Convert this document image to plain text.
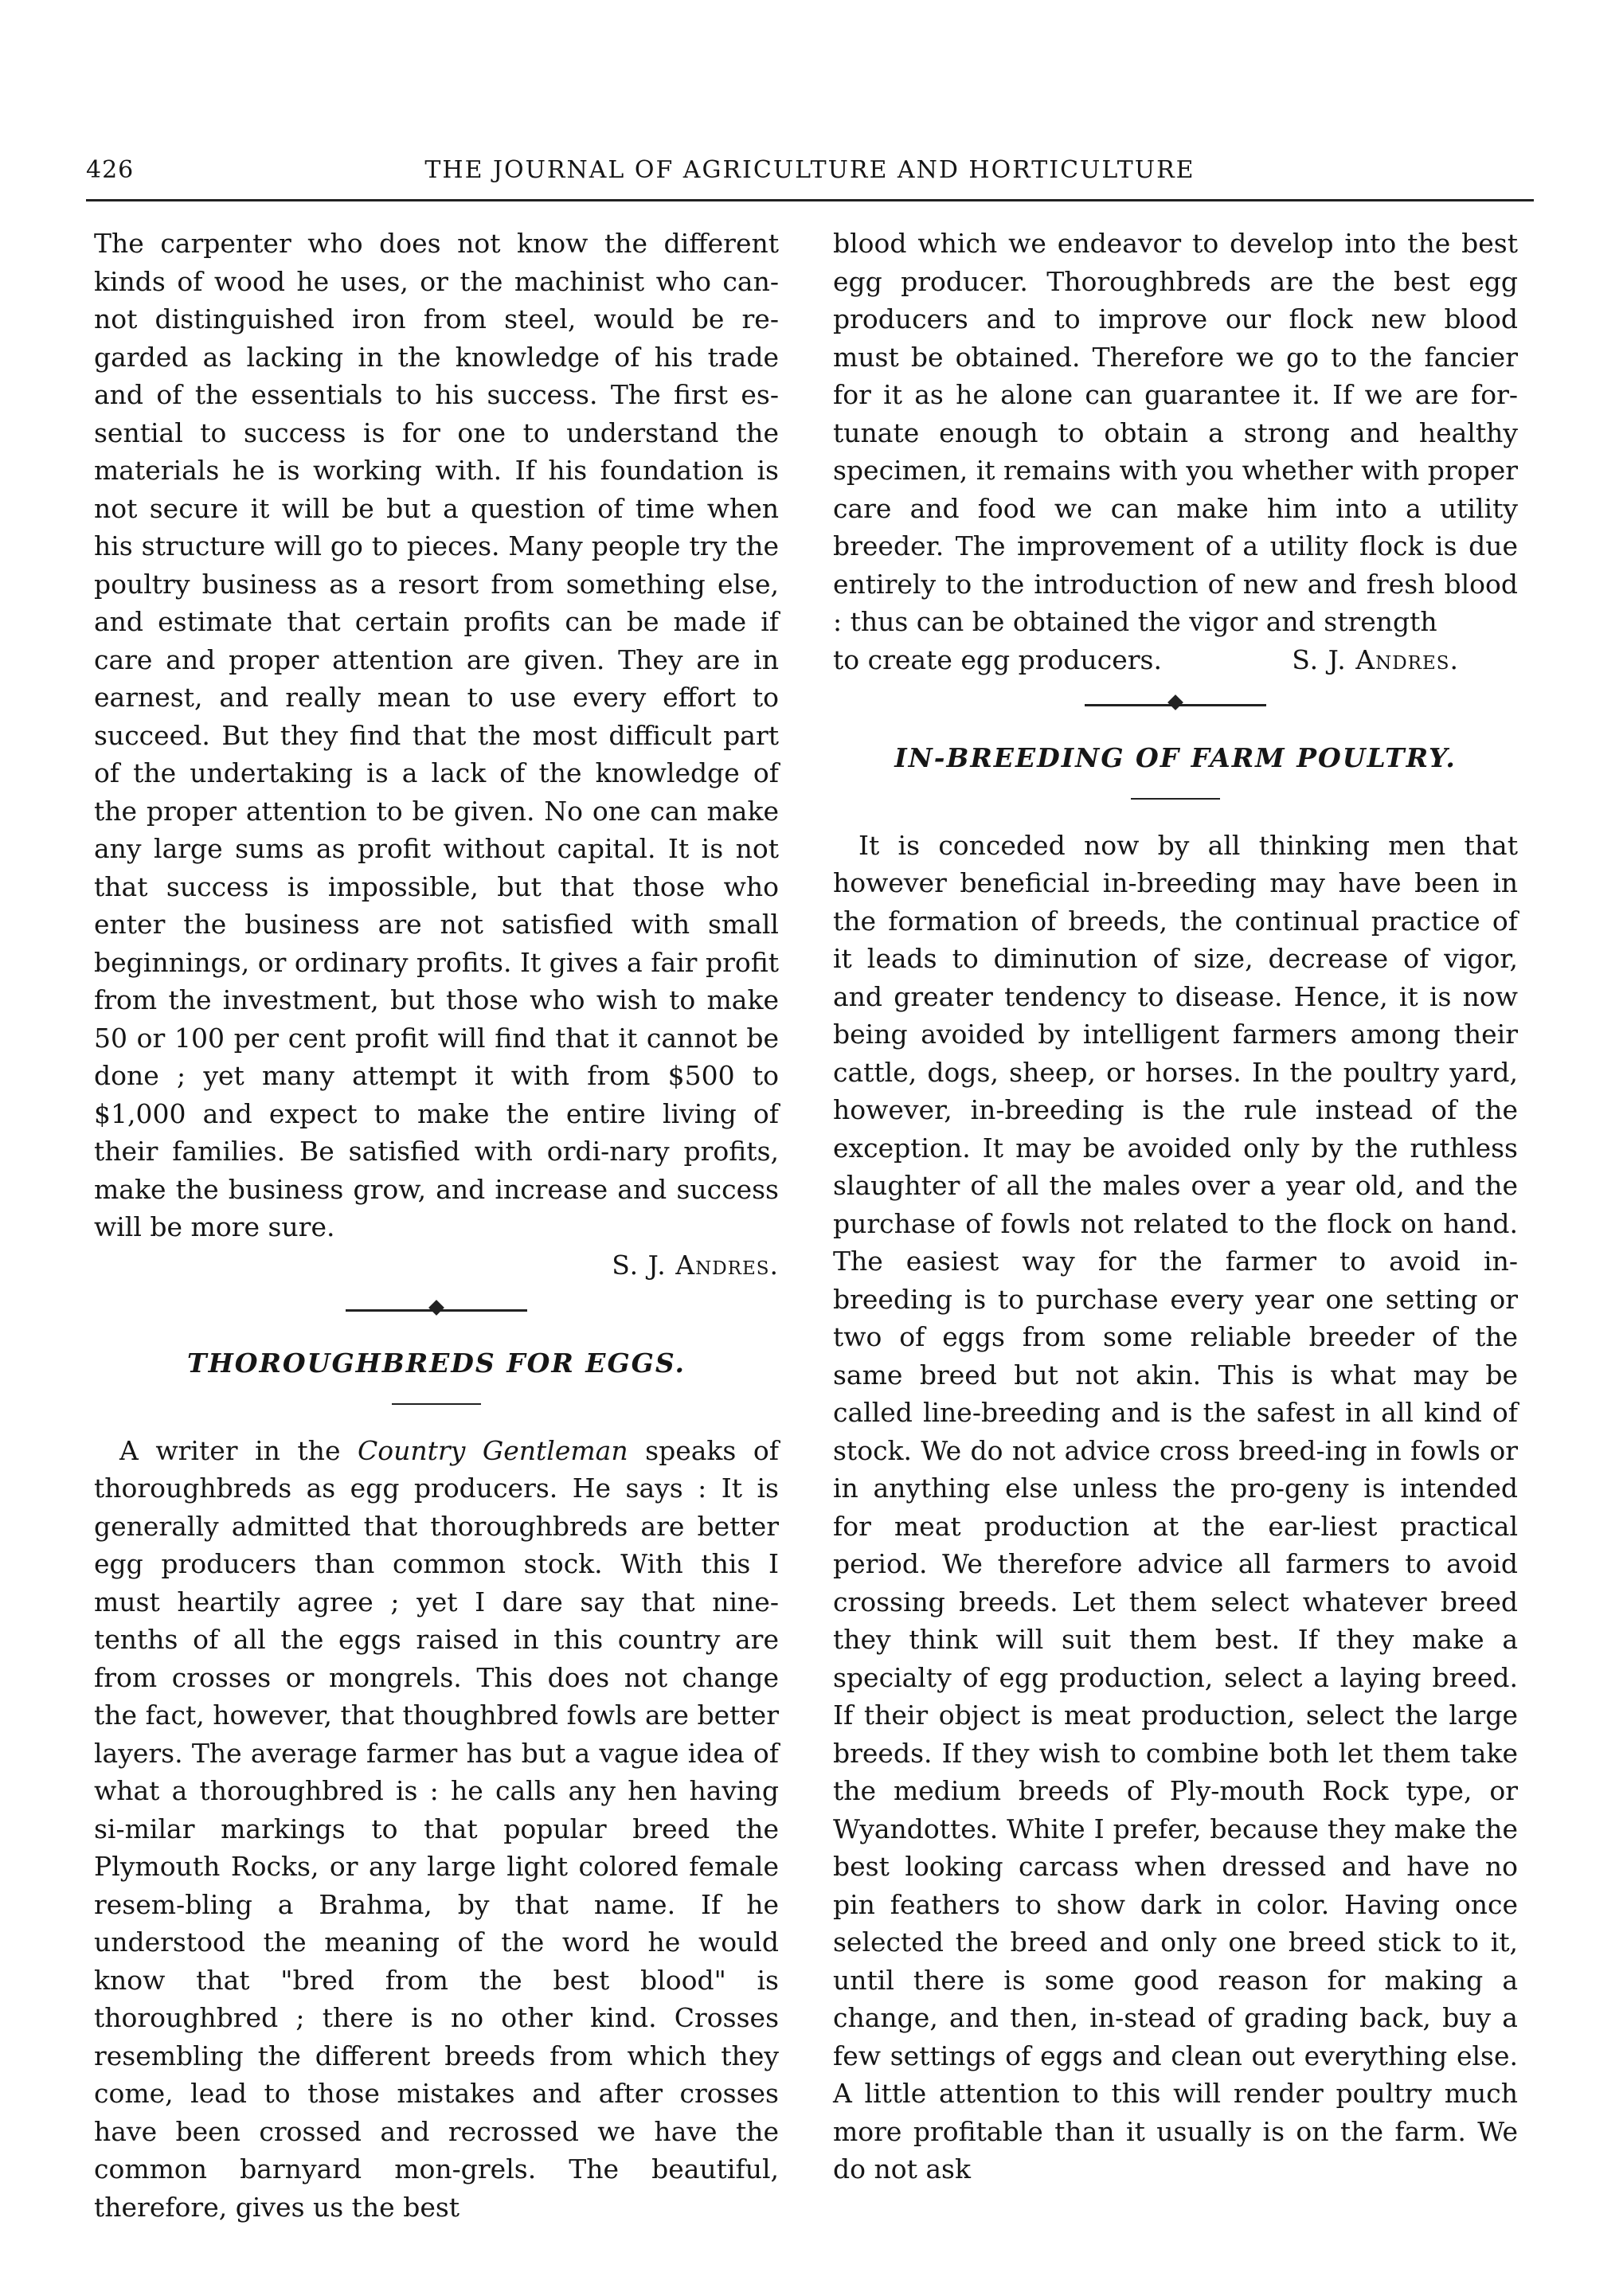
426	THE JOURNAL OF AGRICULTURE AND HORTICULTURE

The carpenter who does not know the different kinds of wood he uses, or the machinist who can-not distinguished iron from steel, would be re-garded as lacking in the knowledge of his trade and of the essentials to his success. The first es-sential to success is for one to understand the materials he is working with. If his foundation is not secure it will be but a question of time when his structure will go to pieces. Many people try the poultry business as a resort from something else, and estimate that certain profits can be made if care and proper attention are given. They are in earnest, and really mean to use every effort to succeed. But they find that the most difficult part of the undertaking is a lack of the knowledge of the proper attention to be given. No one can make any large sums as profit without capital. It is not that success is impossible, but that those who enter the business are not satisfied with small beginnings, or ordinary profits. It gives a fair profit from the investment, but those who wish to make 50 or 100 per cent profit will find that it cannot be done ; yet many attempt it with from $500 to $1,000 and expect to make the entire living of their families. Be satisfied with ordi-nary profits, make the business grow, and increase and success will be more sure.

S. J. Andres.

THOROUGHBREDS FOR EGGS.

A writer in the Country Gentleman speaks of thoroughbreds as egg producers. He says : It is generally admitted that thoroughbreds are better egg producers than common stock. With this I must heartily agree ; yet I dare say that nine-tenths of all the eggs raised in this country are from crosses or mongrels. This does not change the fact, however, that thoughbred fowls are better layers. The average farmer has but a vague idea of what a thoroughbred is : he calls any hen having si-milar markings to that popular breed the Plymouth Rocks, or any large light colored female resem-bling a Brahma, by that name. If he understood the meaning of the word he would know that "bred from the best blood" is thoroughbred ; there is no other kind. Crosses resembling the different breeds from which they come, lead to those mistakes and after crosses have been crossed and recrossed we have the common barnyard mon-grels. The beautiful, therefore, gives us the best

blood which we endeavor to develop into the best egg producer. Thoroughbreds are the best egg producers and to improve our flock new blood must be obtained. Therefore we go to the fancier for it as he alone can guarantee it. If we are for-tunate enough to obtain a strong and healthy specimen, it remains with you whether with proper care and food we can make him into a utility breeder. The improvement of a utility flock is due entirely to the introduction of new and fresh blood : thus can be obtained the vigor and strength

to create egg producers.	S. J. Andres.

IN-BREEDING OF FARM POULTRY.

It is conceded now by all thinking men that however beneficial in-breeding may have been in the formation of breeds, the continual practice of it leads to diminution of size, decrease of vigor, and greater tendency to disease. Hence, it is now being avoided by intelligent farmers among their cattle, dogs, sheep, or horses. In the poultry yard, however, in-breeding is the rule instead of the exception. It may be avoided only by the ruthless slaughter of all the males over a year old, and the purchase of fowls not related to the flock on hand. The easiest way for the farmer to avoid in-breeding is to purchase every year one setting or two of eggs from some reliable breeder of the same breed but not akin. This is what may be called line-breeding and is the safest in all kind of stock. We do not advice cross breed-ing in fowls or in anything else unless the pro-geny is intended for meat production at the ear-liest practical period. We therefore advice all farmers to avoid crossing breeds. Let them select whatever breed they think will suit them best. If they make a specialty of egg production, select a laying breed. If their object is meat production, select the large breeds. If they wish to combine both let them take the medium breeds of Ply-mouth Rock type, or Wyandottes. White I prefer, because they make the best looking carcass when dressed and have no pin feathers to show dark in color. Having once selected the breed and only one breed stick to it, until there is some good reason for making a change, and then, in-stead of grading back, buy a few settings of eggs and clean out everything else. A little attention to this will render poultry much more profitable than it usually is on the farm. We do not ask
